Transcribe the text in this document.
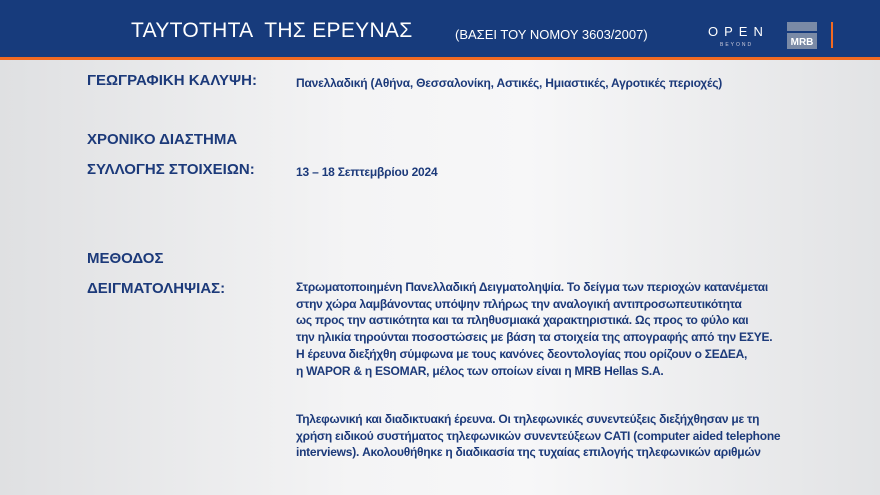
ΤΑΥΤΟΤΗΤΑ  ΤΗΣ ΕΡΕΥΝΑΣ	(ΒΑΣΕΙ ΤΟΥ ΝΟΜΟΥ 3603/2007)	OPEN
BEYOND	MRB
ΓΕΩΓΡΑΦΙΚΗ ΚΑΛΥΨΗ:	Πανελλαδική (Αθήνα, Θεσσαλονίκη, Αστικές, Ημιαστικές, Αγροτικές περιοχές)
ΧΡΟΝΙΚΟ ΔΙΑΣΤΗΜΑ
ΣΥΛΛΟΓΗΣ ΣΤΟΙΧΕΙΩΝ:	13 – 18 Σεπτεμβρίου 2024
ΜΕΘΟΔΟΣ
ΔΕΙΓΜΑΤΟΛΗΨΙΑΣ:	Στρωματοποιημένη Πανελλαδική Δειγματοληψία. Το δείγμα των περιοχών κατανέμεται
στην χώρα λαμβάνοντας υπόψην πλήρως την αναλογική αντιπροσωπευτικότητα
ως προς την αστικότητα και τα πληθυσμιακά χαρακτηριστικά. Ως προς το φύλο και
την ηλικία τηρούνται ποσοστώσεις με βάση τα στοιχεία της απογραφής από την ΕΣΥΕ.
Η έρευνα διεξήχθη σύμφωνα με τους κανόνες δεοντολογίας που ορίζουν ο ΣΕΔΕΑ,
η WAPOR & η ESOMAR, μέλος των οποίων είναι η MRB Hellas S.A.
Τηλεφωνική και διαδικτυακή έρευνα. Οι τηλεφωνικές συνεντεύξεις διεξήχθησαν με τη
χρήση ειδικού συστήματος τηλεφωνικών συνεντεύξεων CATI (computer aided telephone
interviews). Ακολουθήθηκε η διαδικασία της τυχαίας επιλογής τηλεφωνικών αριθμών
